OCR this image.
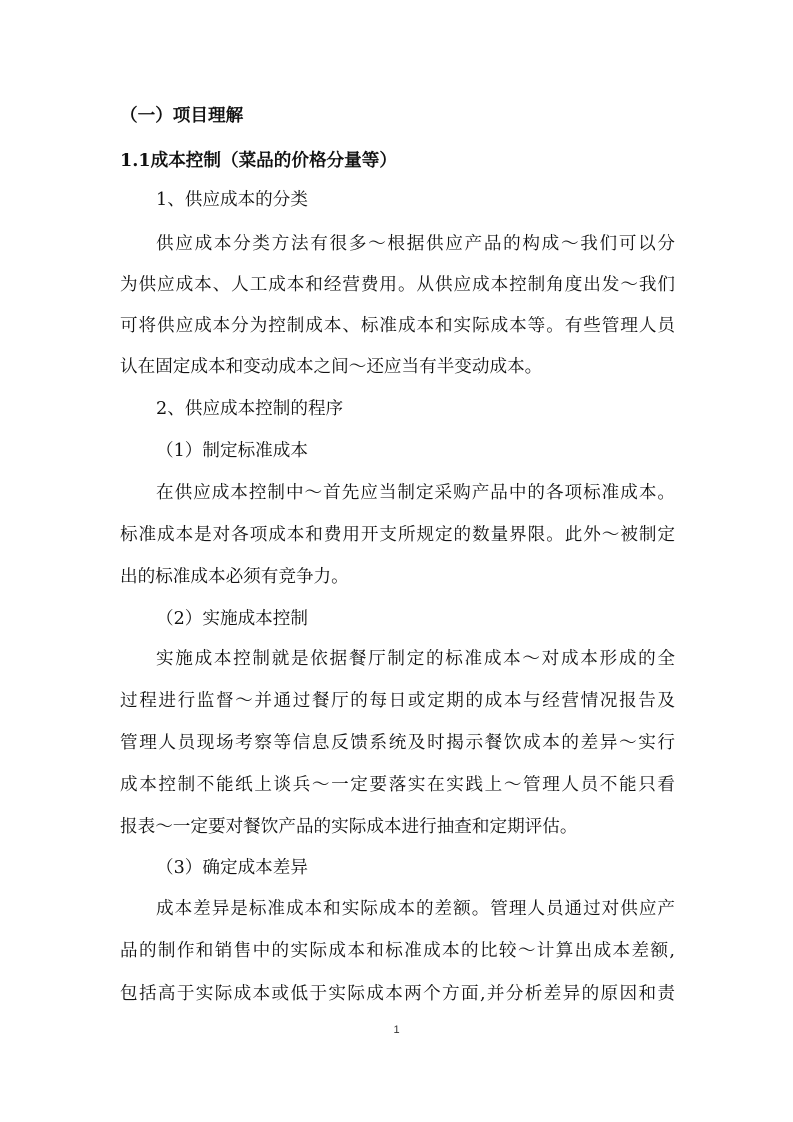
（一）项目理解
1.1成本控制（菜品的价格分量等）
1、供应成本的分类
供应成本分类方法有很多～根据供应产品的构成～我们可以分
为供应成本、人工成本和经营费用。从供应成本控制角度出发～我们
可将供应成本分为控制成本、标准成本和实际成本等。有些管理人员
认在固定成本和变动成本之间～还应当有半变动成本。
2、供应成本控制的程序
（1）制定标准成本
在供应成本控制中～首先应当制定采购产品中的各项标准成本。
标准成本是对各项成本和费用开支所规定的数量界限。此外～被制定
出的标准成本必须有竞争力。
（2）实施成本控制
实施成本控制就是依据餐厅制定的标准成本～对成本形成的全
过程进行监督～并通过餐厅的每日或定期的成本与经营情况报告及
管理人员现场考察等信息反馈系统及时揭示餐饮成本的差异～实行
成本控制不能纸上谈兵～一定要落实在实践上～管理人员不能只看
报表～一定要对餐饮产品的实际成本进行抽查和定期评估。
（3）确定成本差异
成本差异是标准成本和实际成本的差额。管理人员通过对供应产
品的制作和销售中的实际成本和标准成本的比较～计算出成本差额,
包括高于实际成本或低于实际成本两个方面,并分析差异的原因和责
1
